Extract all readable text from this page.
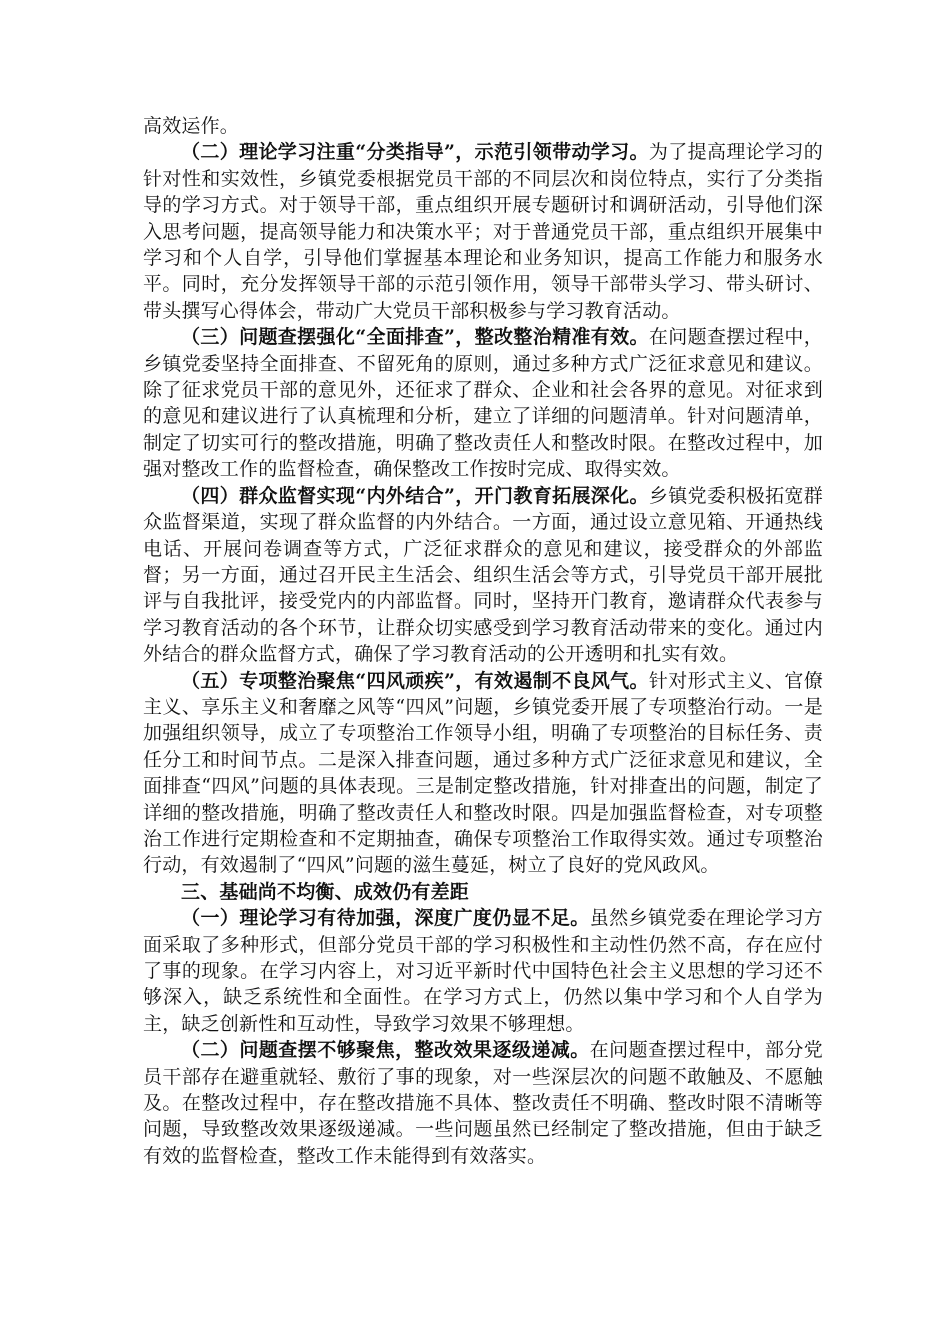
高效运作。

（二）理论学习注重“分类指导”，示范引领带动学习。为了提高理论学习的针对性和实效性，乡镇党委根据党员干部的不同层次和岗位特点，实行了分类指导的学习方式。对于领导干部，重点组织开展专题研讨和调研活动，引导他们深入思考问题，提高领导能力和决策水平；对于普通党员干部，重点组织开展集中学习和个人自学，引导他们掌握基本理论和业务知识，提高工作能力和服务水平。同时，充分发挥领导干部的示范引领作用，领导干部带头学习、带头研讨、带头撰写心得体会，带动广大党员干部积极参与学习教育活动。

（三）问题查摆强化“全面排查”，整改整治精准有效。在问题查摆过程中，乡镇党委坚持全面排查、不留死角的原则，通过多种方式广泛征求意见和建议。除了征求党员干部的意见外，还征求了群众、企业和社会各界的意见。对征求到的意见和建议进行了认真梳理和分析，建立了详细的问题清单。针对问题清单，制定了切实可行的整改措施，明确了整改责任人和整改时限。在整改过程中，加强对整改工作的监督检查，确保整改工作按时完成、取得实效。

（四）群众监督实现“内外结合”，开门教育拓展深化。乡镇党委积极拓宽群众监督渠道，实现了群众监督的内外结合。一方面，通过设立意见箱、开通热线电话、开展问卷调查等方式，广泛征求群众的意见和建议，接受群众的外部监督；另一方面，通过召开民主生活会、组织生活会等方式，引导党员干部开展批评与自我批评，接受党内的内部监督。同时，坚持开门教育，邀请群众代表参与学习教育活动的各个环节，让群众切实感受到学习教育活动带来的变化。通过内外结合的群众监督方式，确保了学习教育活动的公开透明和扎实有效。

（五）专项整治聚焦“四风顽疾”，有效遏制不良风气。针对形式主义、官僚主义、享乐主义和奢靡之风等“四风”问题，乡镇党委开展了专项整治行动。一是加强组织领导，成立了专项整治工作领导小组，明确了专项整治的目标任务、责任分工和时间节点。二是深入排查问题，通过多种方式广泛征求意见和建议，全面排查“四风”问题的具体表现。三是制定整改措施，针对排查出的问题，制定了详细的整改措施，明确了整改责任人和整改时限。四是加强监督检查，对专项整治工作进行定期检查和不定期抽查，确保专项整治工作取得实效。通过专项整治行动，有效遏制了“四风”问题的滋生蔓延，树立了良好的党风政风。

三、基础尚不均衡、成效仍有差距

（一）理论学习有待加强，深度广度仍显不足。虽然乡镇党委在理论学习方面采取了多种形式，但部分党员干部的学习积极性和主动性仍然不高，存在应付了事的现象。在学习内容上，对习近平新时代中国特色社会主义思想的学习还不够深入，缺乏系统性和全面性。在学习方式上，仍然以集中学习和个人自学为主，缺乏创新性和互动性，导致学习效果不够理想。

（二）问题查摆不够聚焦，整改效果逐级递减。在问题查摆过程中，部分党员干部存在避重就轻、敷衍了事的现象，对一些深层次的问题不敢触及、不愿触及。在整改过程中，存在整改措施不具体、整改责任不明确、整改时限不清晰等问题，导致整改效果逐级递减。一些问题虽然已经制定了整改措施，但由于缺乏有效的监督检查，整改工作未能得到有效落实。
